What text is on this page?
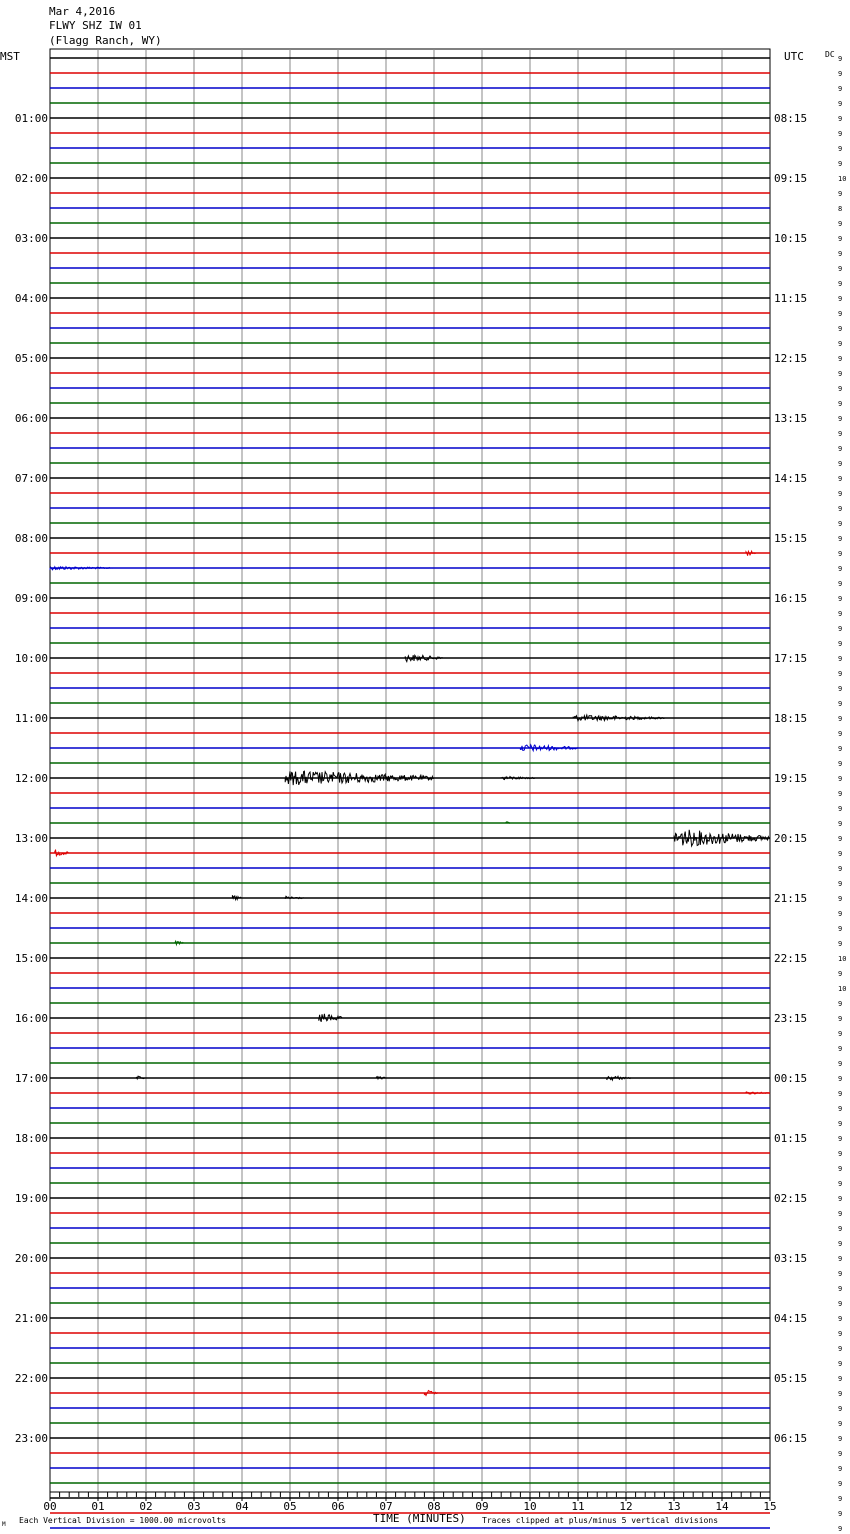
Mar 4,2016
FLWY SHZ IW 01
(Flagg Ranch, WY)
MST	UTC	DC 9
9
9
9
9
9
9
9
10
9
8
9
9
9
9
9
9
9
9
9
9
9
9
9
9
9
9
9
9
9
9
9
9
9
9
9
9
9
9
9
9
9
9
9
9
9
9
9
9
9
9
9
9
9
9
9
9
9
9
9
10
9
10
9
9
9
9
9
9
9
9
9
9
9
9
9
9
9
9
9
9
9
9
9
9
9
9
9
9
9
9
9
9
9
9
9
9
9
9
01:00
02:00
03:00
04:00
05:00
06:00
07:00
08:00
09:00
10:00
11:00
12:00
13:00
14:00
15:00
16:00
17:00
18:00
19:00
20:00
21:00
22:00
23:00
08:15
09:15
10:15
11:15
12:15
13:15
14:15
15:15
16:15
17:15
18:15
19:15
20:15
21:15
22:15
23:15
00:15
01:15
02:15
03:15
04:15
05:15
06:15
00	01	02	03	04	05	06	07	08	09	10	11	12	13	14	15
Each Vertical Division = 1000.00 microvolts	TIME (MINUTES) Traces clipped at plus/minus 5 vertical divisions
M
